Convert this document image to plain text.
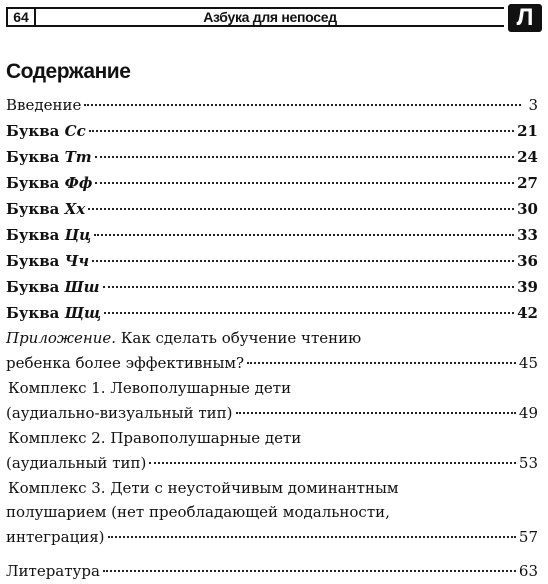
64	Азбука для непосед	Л
Содержание
Введение	3
Буква Сс	21
Буква Тт	24
Буква Фф	27
Буква Хх	30
Буква Цц	33
Буква Чч	36
Буква Шш	39
Буква Щщ	42
Приложение. Как сделать обучение чтению
ребенка более эффективным?	45
Комплекс 1. Левополушарные дети
(аудиально-визуальный тип)	49
Комплекс 2. Правополушарные дети
(аудиальный тип)	53
Комплекс 3. Дети с неустойчивым доминантным
полушарием (нет преобладающей модальности,
интеграция)	57
Литература	63
